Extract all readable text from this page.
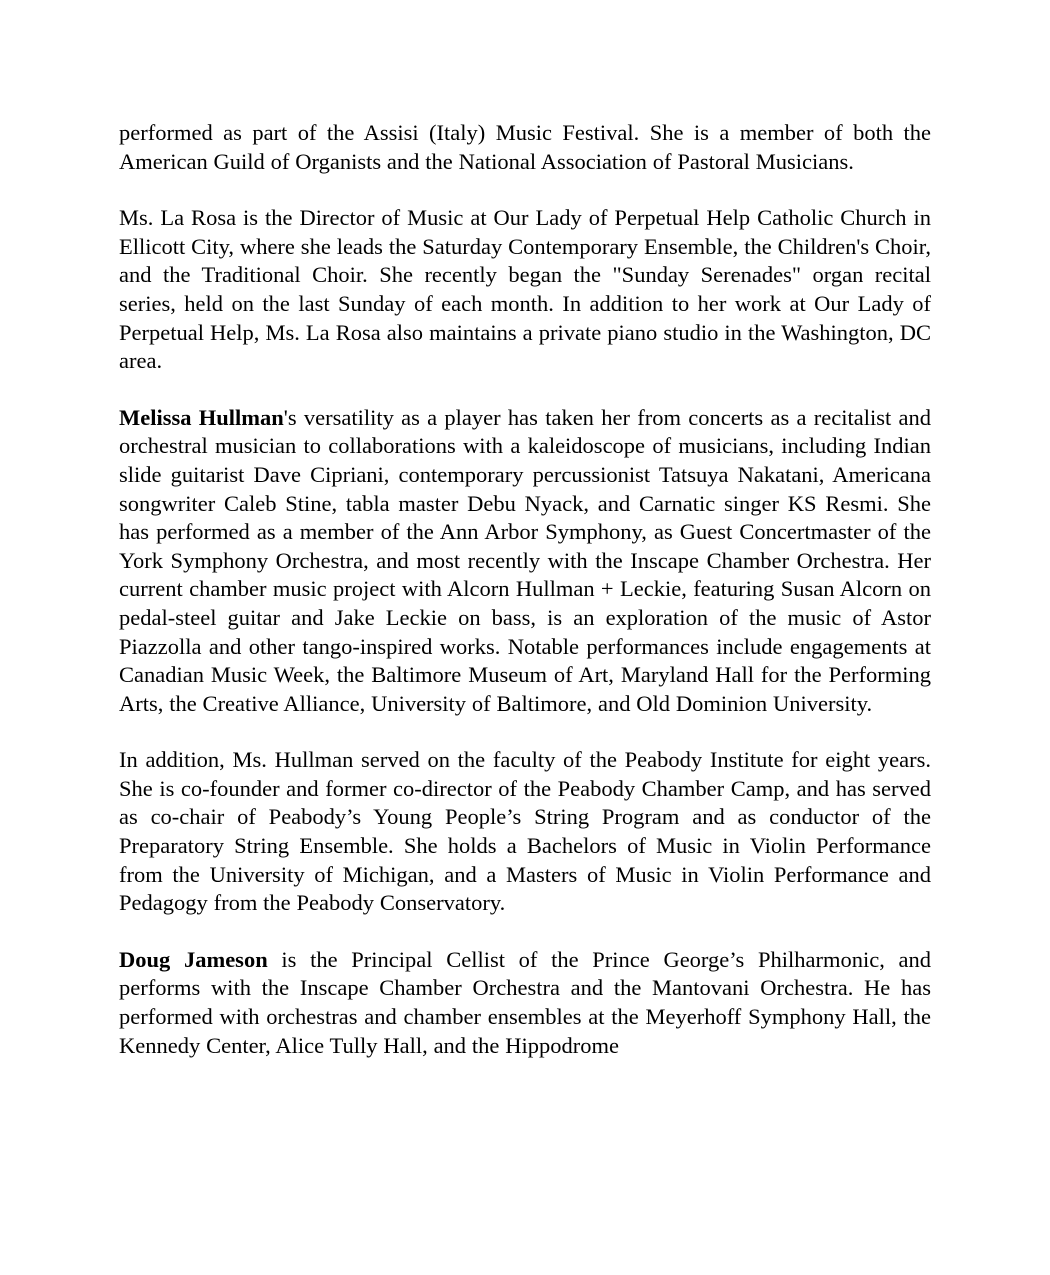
performed as part of the Assisi (Italy) Music Festival. She is a member of both the American Guild of Organists and the National Association of Pastoral Musicians.

Ms. La Rosa is the Director of Music at Our Lady of Perpetual Help Catholic Church in Ellicott City, where she leads the Saturday Contemporary Ensemble, the Children's Choir, and the Traditional Choir. She recently began the "Sunday Serenades" organ recital series, held on the last Sunday of each month. In addition to her work at Our Lady of Perpetual Help, Ms. La Rosa also maintains a private piano studio in the Washington, DC area.

Melissa Hullman's versatility as a player has taken her from concerts as a recitalist and orchestral musician to collaborations with a kaleidoscope of musicians, including Indian slide guitarist Dave Cipriani, contemporary percussionist Tatsuya Nakatani, Americana songwriter Caleb Stine, tabla master Debu Nyack, and Carnatic singer KS Resmi. She has performed as a member of the Ann Arbor Symphony, as Guest Concertmaster of the York Symphony Orchestra, and most recently with the Inscape Chamber Orchestra. Her current chamber music project with Alcorn Hullman + Leckie, featuring Susan Alcorn on pedal-steel guitar and Jake Leckie on bass, is an exploration of the music of Astor Piazzolla and other tango-inspired works. Notable performances include engagements at Canadian Music Week, the Baltimore Museum of Art, Maryland Hall for the Performing Arts, the Creative Alliance, University of Baltimore, and Old Dominion University.

In addition, Ms. Hullman served on the faculty of the Peabody Institute for eight years. She is co-founder and former co-director of the Peabody Chamber Camp, and has served as co-chair of Peabody’s Young People’s String Program and as conductor of the Preparatory String Ensemble. She holds a Bachelors of Music in Violin Performance from the University of Michigan, and a Masters of Music in Violin Performance and Pedagogy from the Peabody Conservatory.

Doug Jameson is the Principal Cellist of the Prince George’s Philharmonic, and performs with the Inscape Chamber Orchestra and the Mantovani Orchestra. He has performed with orchestras and chamber ensembles at the Meyerhoff Symphony Hall, the Kennedy Center, Alice Tully Hall, and the Hippodrome
